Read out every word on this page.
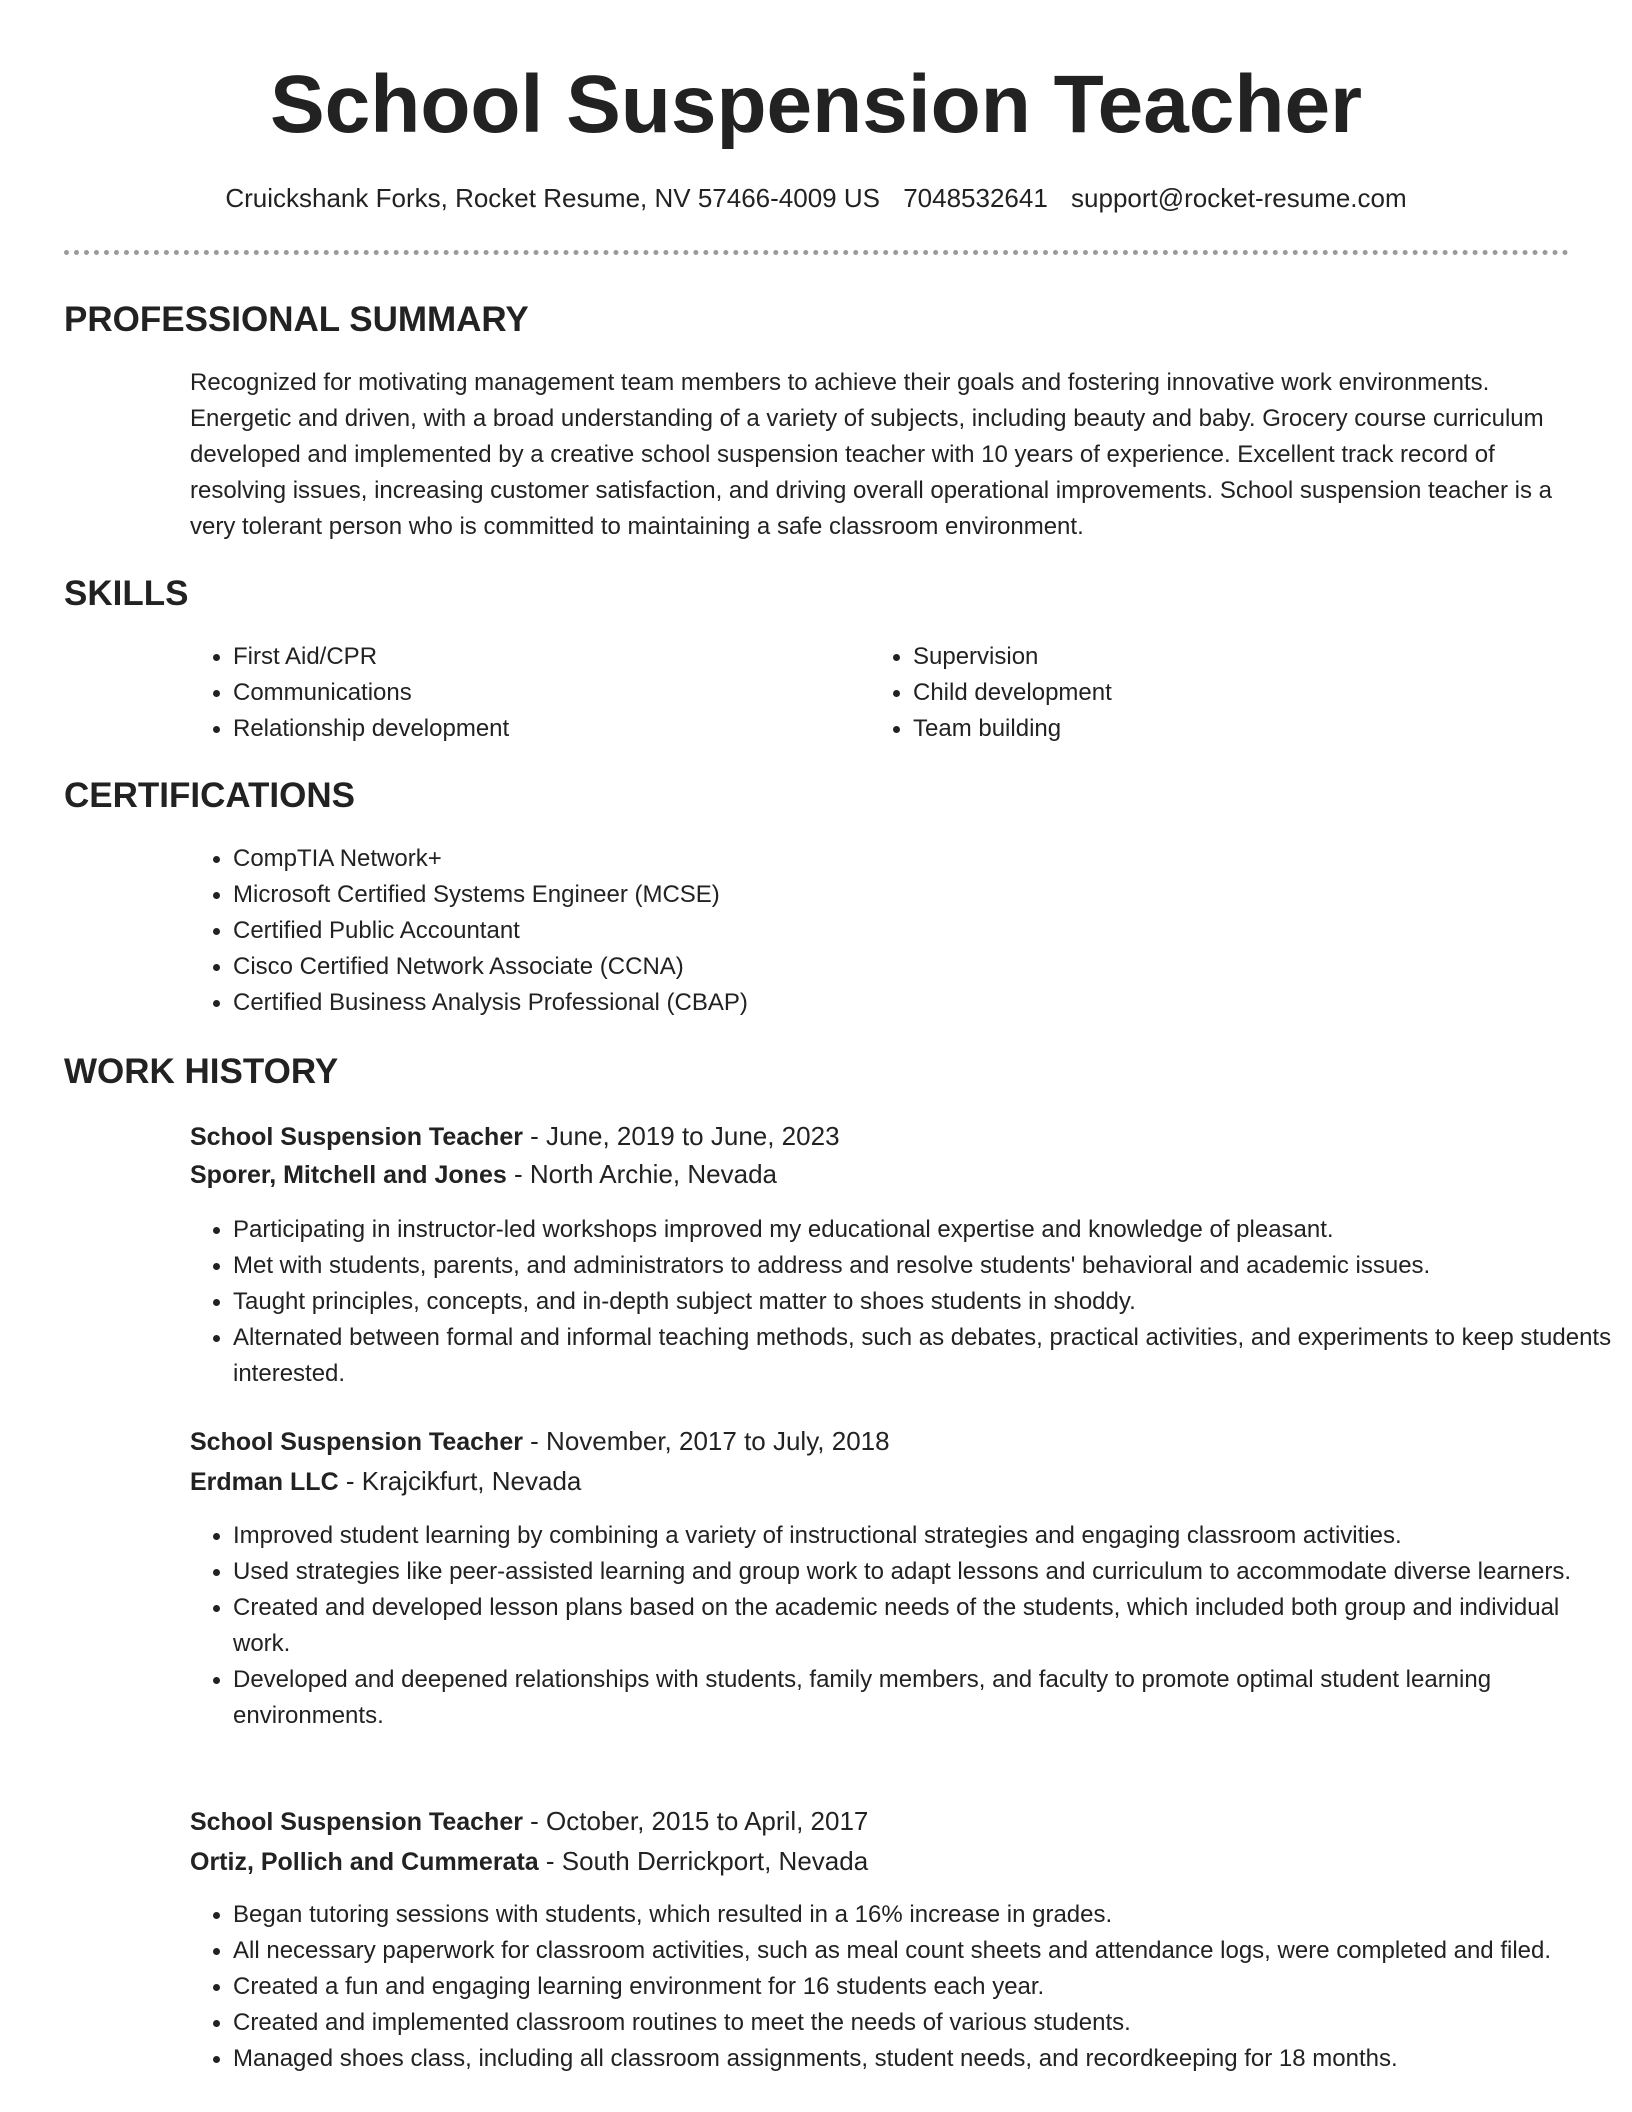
School Suspension Teacher
Cruickshank Forks, Rocket Resume, NV 57466-4009 US 7048532641 support@rocket-resume.com
PROFESSIONAL SUMMARY
Recognized for motivating management team members to achieve their goals and fostering innovative work environments. Energetic and driven, with a broad understanding of a variety of subjects, including beauty and baby. Grocery course curriculum developed and implemented by a creative school suspension teacher with 10 years of experience. Excellent track record of resolving issues, increasing customer satisfaction, and driving overall operational improvements. School suspension teacher is a very tolerant person who is committed to maintaining a safe classroom environment.
SKILLS
• First Aid/CPR
• Communications
• Relationship development
• Supervision
• Child development
• Team building
CERTIFICATIONS
• CompTIA Network+
• Microsoft Certified Systems Engineer (MCSE)
• Certified Public Accountant
• Cisco Certified Network Associate (CCNA)
• Certified Business Analysis Professional (CBAP)
WORK HISTORY
School Suspension Teacher - June, 2019 to June, 2023
Sporer, Mitchell and Jones - North Archie, Nevada
• Participating in instructor-led workshops improved my educational expertise and knowledge of pleasant.
• Met with students, parents, and administrators to address and resolve students' behavioral and academic issues.
• Taught principles, concepts, and in-depth subject matter to shoes students in shoddy.
• Alternated between formal and informal teaching methods, such as debates, practical activities, and experiments to keep students interested.
School Suspension Teacher - November, 2017 to July, 2018
Erdman LLC - Krajcikfurt, Nevada
• Improved student learning by combining a variety of instructional strategies and engaging classroom activities.
• Used strategies like peer-assisted learning and group work to adapt lessons and curriculum to accommodate diverse learners.
• Created and developed lesson plans based on the academic needs of the students, which included both group and individual work.
• Developed and deepened relationships with students, family members, and faculty to promote optimal student learning environments.
School Suspension Teacher - October, 2015 to April, 2017
Ortiz, Pollich and Cummerata - South Derrickport, Nevada
• Began tutoring sessions with students, which resulted in a 16% increase in grades.
• All necessary paperwork for classroom activities, such as meal count sheets and attendance logs, were completed and filed.
• Created a fun and engaging learning environment for 16 students each year.
• Created and implemented classroom routines to meet the needs of various students.
• Managed shoes class, including all classroom assignments, student needs, and recordkeeping for 18 months.
